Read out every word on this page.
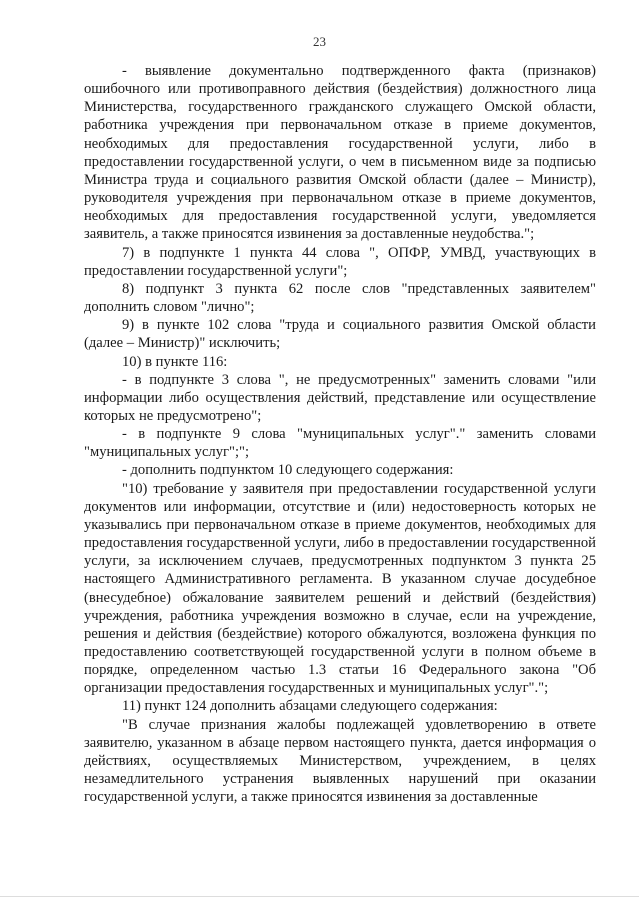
23

- выявление документально подтвержденного факта (признаков) ошибочного или противоправного действия (бездействия) должностного лица Министерства, государственного гражданского служащего Омской области, работника учреждения при первоначальном отказе в приеме документов, необходимых для предоставления государственной услуги, либо в предоставлении государственной услуги, о чем в письменном виде за подписью Министра труда и социального развития Омской области (далее – Министр), руководителя учреждения при первоначальном отказе в приеме документов, необходимых для предоставления государственной услуги, уведомляется заявитель, а также приносятся извинения за доставленные неудобства.";

7) в подпункте 1 пункта 44 слова ", ОПФР, УМВД, участвующих в предоставлении государственной услуги";

8) подпункт 3 пункта 62 после слов "представленных заявителем" дополнить словом "лично";

9) в пункте 102 слова "труда и социального развития Омской области (далее – Министр)" исключить;

10) в пункте 116:

- в подпункте 3 слова ", не предусмотренных" заменить словами "или информации либо осуществления действий, представление или осуществление которых не предусмотрено";

- в подпункте 9 слова "муниципальных услуг"." заменить словами "муниципальных услуг";";

- дополнить подпунктом 10 следующего содержания:

"10) требование у заявителя при предоставлении государственной услуги документов или информации, отсутствие и (или) недостоверность которых не указывались при первоначальном отказе в приеме документов, необходимых для предоставления государственной услуги, либо в предоставлении государственной услуги, за исключением случаев, предусмотренных подпунктом 3 пункта 25 настоящего Административного регламента. В указанном случае досудебное (внесудебное) обжалование заявителем решений и действий (бездействия) учреждения, работника учреждения возможно в случае, если на учреждение, решения и действия (бездействие) которого обжалуются, возложена функция по предоставлению соответствующей государственной услуги в полном объеме в порядке, определенном частью 1.3 статьи 16 Федерального закона "Об организации предоставления государственных и муниципальных услуг".";

11) пункт 124 дополнить абзацами следующего содержания:

"В случае признания жалобы подлежащей удовлетворению в ответе заявителю, указанном в абзаце первом настоящего пункта, дается информация о действиях, осуществляемых Министерством, учреждением, в целях незамедлительного устранения выявленных нарушений при оказании государственной услуги, а также приносятся извинения за доставленные
